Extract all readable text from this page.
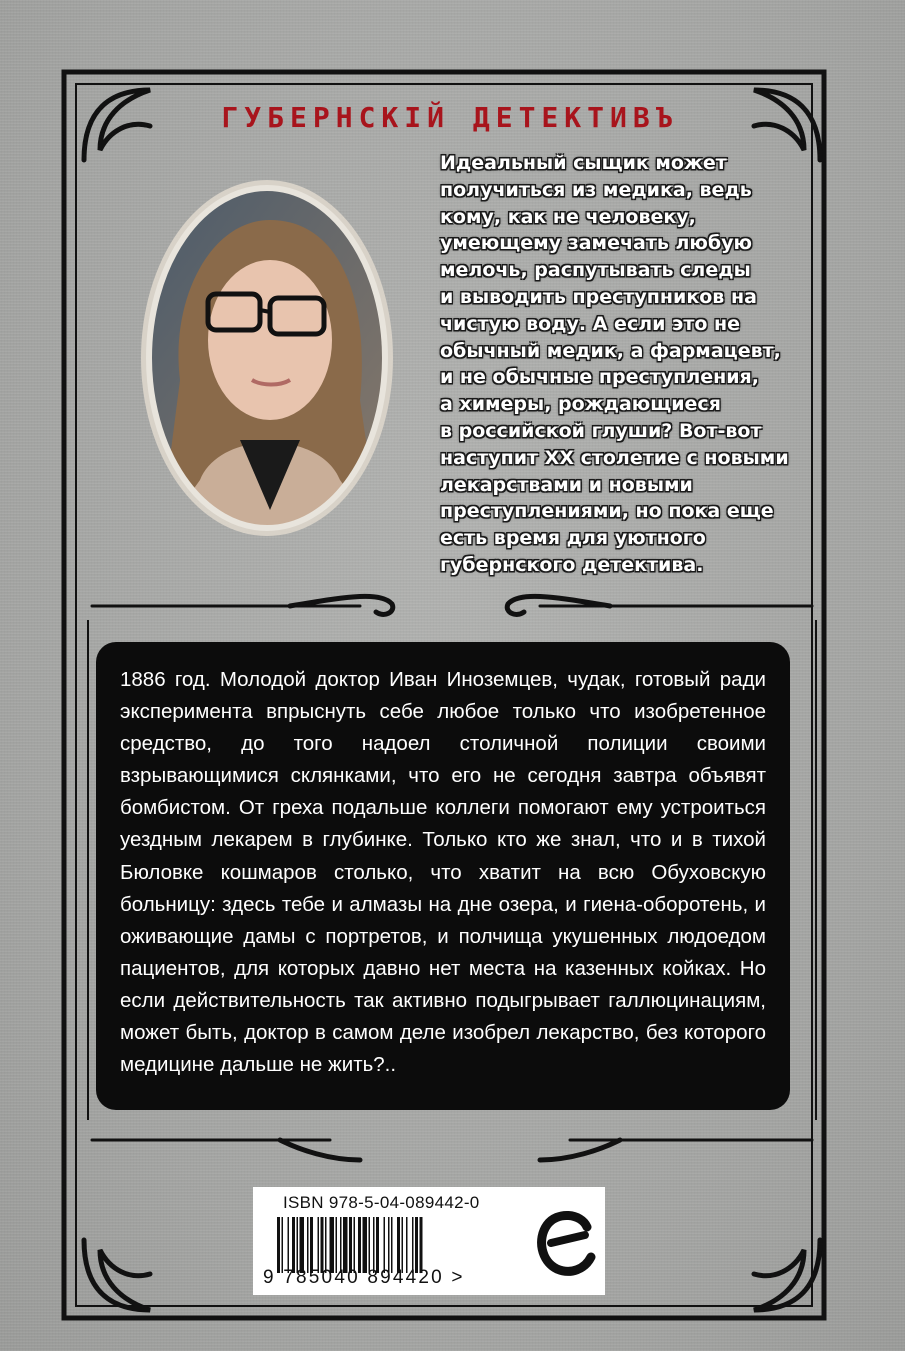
ГУБЕРНСКIЙ ДЕТЕКТИВЪ
Идеальный сыщик может
получиться из медика, ведь
кому, как не человеку,
умеющему замечать любую
мелочь, распутывать следы
и выводить преступников на
чистую воду. А если это не
обычный медик, а фармацевт,
и не обычные преступления,
а химеры, рождающиеся
в российской глуши? Вот-вот
наступит XX столетие с новыми
лекарствами и новыми
преступлениями, но пока еще
есть время для уютного
губернского детектива.

1886 год. Молодой доктор Иван Иноземцев, чудак, готовый ради эксперимента впрыснуть себе любое только что изобретенное средство, до того надоел столичной полиции своими взрывающимися склянками, что его не сегодня завтра объявят бомбистом. От греха подальше коллеги помогают ему устроиться уездным лекарем в глубинке. Только кто же знал, что и в тихой Бюловке кошмаров столько, что хватит на всю Обуховскую больницу: здесь тебе и алмазы на дне озера, и гиена-оборотень, и оживающие дамы с портретов, и полчища укушенных людоедом пациентов, для которых давно нет места на казенных койках. Но если действительность так активно подыгрывает галлюцинациям, может быть, доктор в самом деле изобрел лекарство, без которого медицине дальше не жить?..

ISBN 978-5-04-089442-0
9 785040 894420 >
